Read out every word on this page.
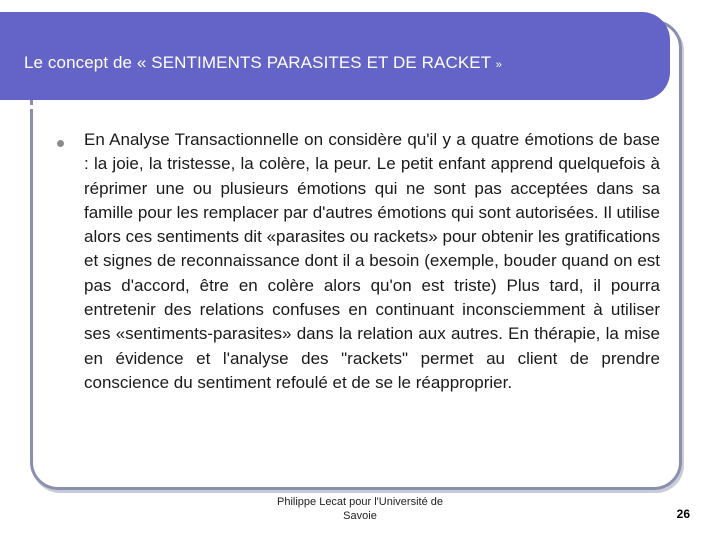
Le concept de « SENTIMENTS PARASITES ET DE RACKET »

En Analyse Transactionnelle on considère qu'il y a quatre émotions de base : la joie, la tristesse, la colère, la peur. Le petit enfant apprend quelquefois à réprimer une ou plusieurs émotions qui ne sont pas acceptées dans sa famille pour les remplacer par d'autres émotions qui sont autorisées. Il utilise alors ces sentiments dit «parasites ou rackets» pour obtenir les gratifications et signes de reconnaissance dont il a besoin (exemple, bouder quand on est pas d'accord, être en colère alors qu'on est triste) Plus tard, il pourra entretenir des relations confuses en continuant inconsciemment à utiliser ses «sentiments-parasites» dans la relation aux autres. En thérapie, la mise en évidence et l'analyse des "rackets" permet au client de prendre conscience du sentiment refoulé et de se le réapproprier.

Philippe Lecat pour l'Université de
Savoie	26
